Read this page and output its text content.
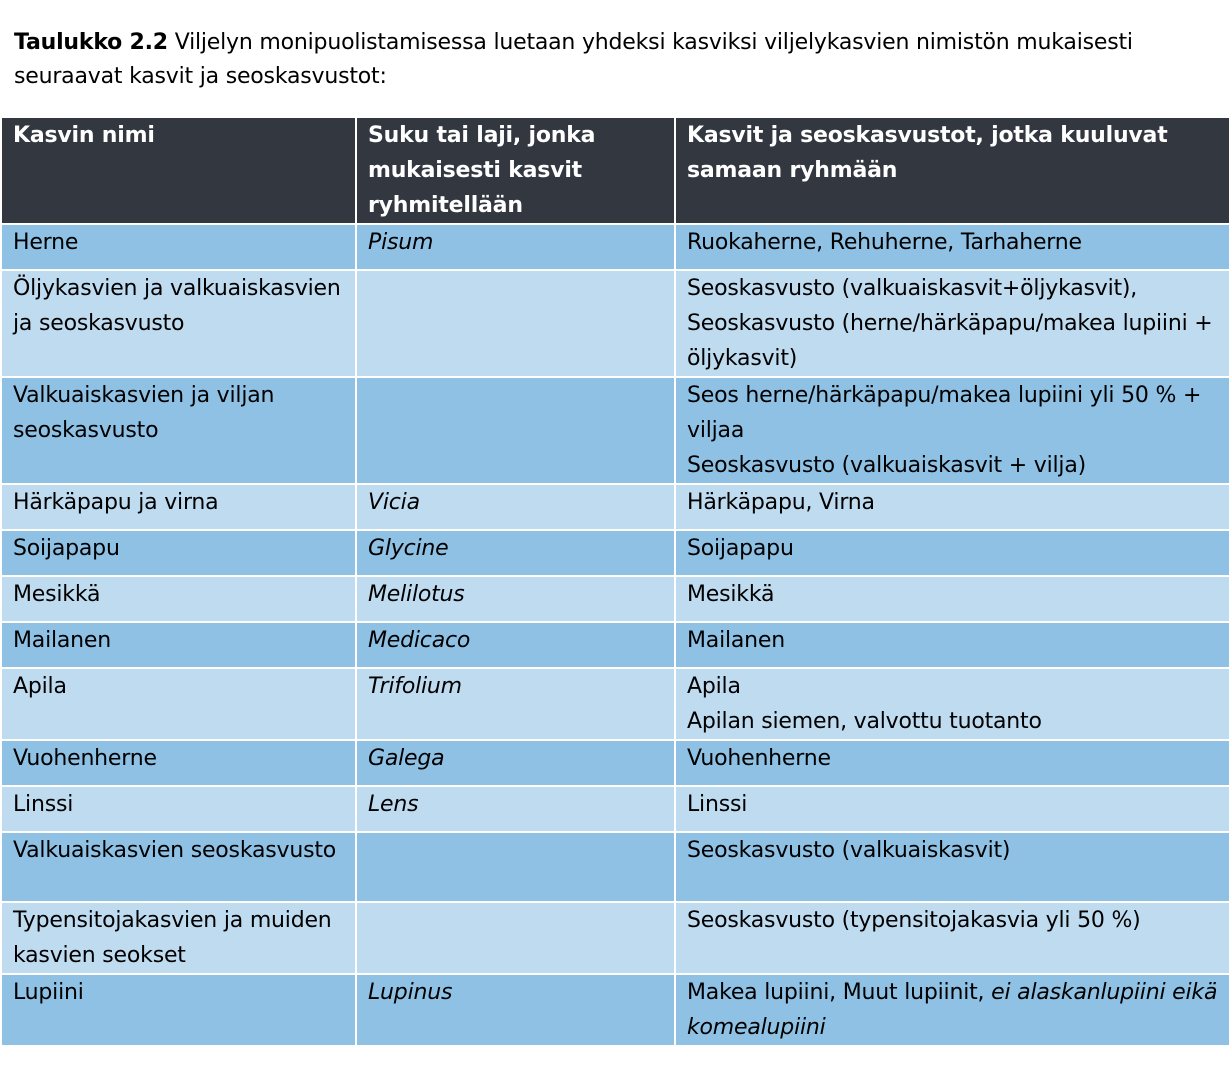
Taulukko 2.2 Viljelyn monipuolistamisessa luetaan yhdeksi kasviksi viljelykasvien nimistön mukaisesti seuraavat kasvit ja seoskasvustot:
Kasvin nimi	Suku tai laji, jonka mukaisesti kasvit ryhmitellään	Kasvit ja seoskasvustot, jotka kuuluvat samaan ryhmään
Herne	Pisum	Ruokaherne, Rehuherne, Tarhaherne

Öljykasvien ja valkuaiskasvien ja seoskasvusto		Seoskasvusto (valkuaiskasvit+öljykasvit),
Seoskasvusto (herne/härkäpapu/makea lupiini + öljykasvit)

Valkuaiskasvien ja viljan seoskasvusto		Seos herne/härkäpapu/makea lupiini yli 50 % + viljaa
Seoskasvusto (valkuaiskasvit + vilja)

Härkäpapu ja virna	Vicia	Härkäpapu, Virna

Soijapapu	Glycine	Soijapapu

Mesikkä	Melilotus	Mesikkä

Mailanen	Medicaco	Mailanen

Apila	Trifolium	Apila
Apilan siemen, valvottu tuotanto

Vuohenherne	Galega	Vuohenherne

Linssi	Lens	Linssi

Valkuaiskasvien seoskasvusto		Seoskasvusto (valkuaiskasvit)

Typensitojakasvien ja muiden kasvien seokset		Seoskasvusto (typensitojakasvia yli 50 %)

Lupiini	Lupinus	Makea lupiini, Muut lupiinit, ei alaskanlupiini eikä komealupiini
